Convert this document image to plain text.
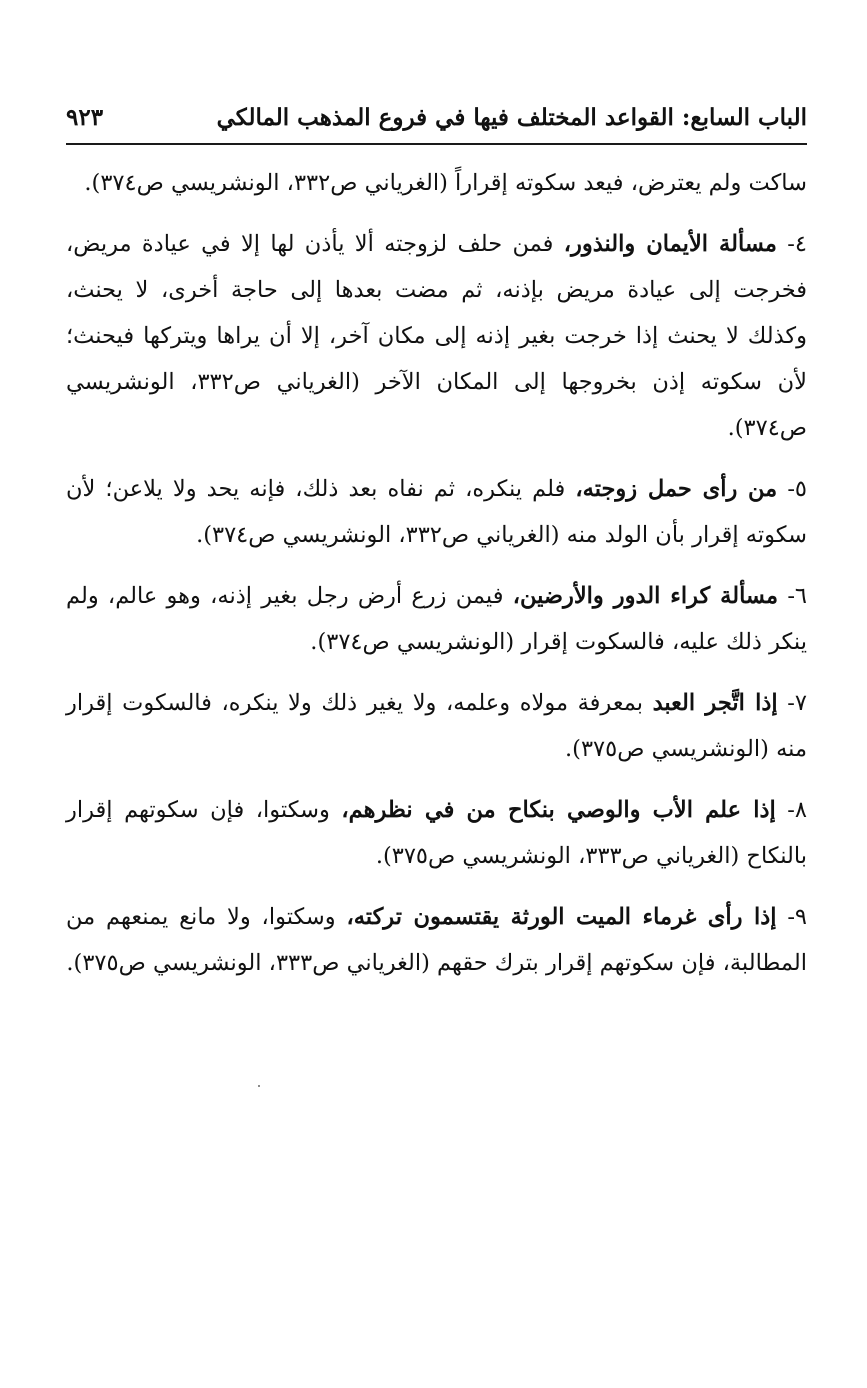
الباب السابع: القواعد المختلف فيها في فروع المذهب المالكي
٩٢٣

ساكت ولم يعترض، فيعد سكوته إقراراً (الغرياني ص٣٣٢، الونشريسي ص٣٧٤).

٤- مسألة الأيمان والنذور، فمن حلف لزوجته ألا يأذن لها إلا في عيادة مريض، فخرجت إلى عيادة مريض بإذنه، ثم مضت بعدها إلى حاجة أخرى، لا يحنث، وكذلك لا يحنث إذا خرجت بغير إذنه إلى مكان آخر، إلا أن يراها ويتركها فيحنث؛ لأن سكوته إذن بخروجها إلى المكان الآخر (الغرياني ص٣٣٢، الونشريسي ص٣٧٤).

٥- من رأى حمل زوجته، فلم ينكره، ثم نفاه بعد ذلك، فإنه يحد ولا يلاعن؛ لأن سكوته إقرار بأن الولد منه (الغرياني ص٣٣٢، الونشريسي ص٣٧٤).

٦- مسألة كراء الدور والأرضين، فيمن زرع أرض رجل بغير إذنه، وهو عالم، ولم ينكر ذلك عليه، فالسكوت إقرار (الونشريسي ص٣٧٤).

٧- إذا اتَّجر العبد بمعرفة مولاه وعلمه، ولا يغير ذلك ولا ينكره، فالسكوت إقرار منه (الونشريسي ص٣٧٥).

٨- إذا علم الأب والوصي بنكاح من في نظرهم، وسكتوا، فإن سكوتهم إقرار بالنكاح (الغرياني ص٣٣٣، الونشريسي ص٣٧٥).

٩- إذا رأى غرماء الميت الورثة يقتسمون تركته، وسكتوا، ولا مانع يمنعهم من المطالبة، فإن سكوتهم إقرار بترك حقهم (الغرياني ص٣٣٣، الونشريسي ص٣٧٥).
